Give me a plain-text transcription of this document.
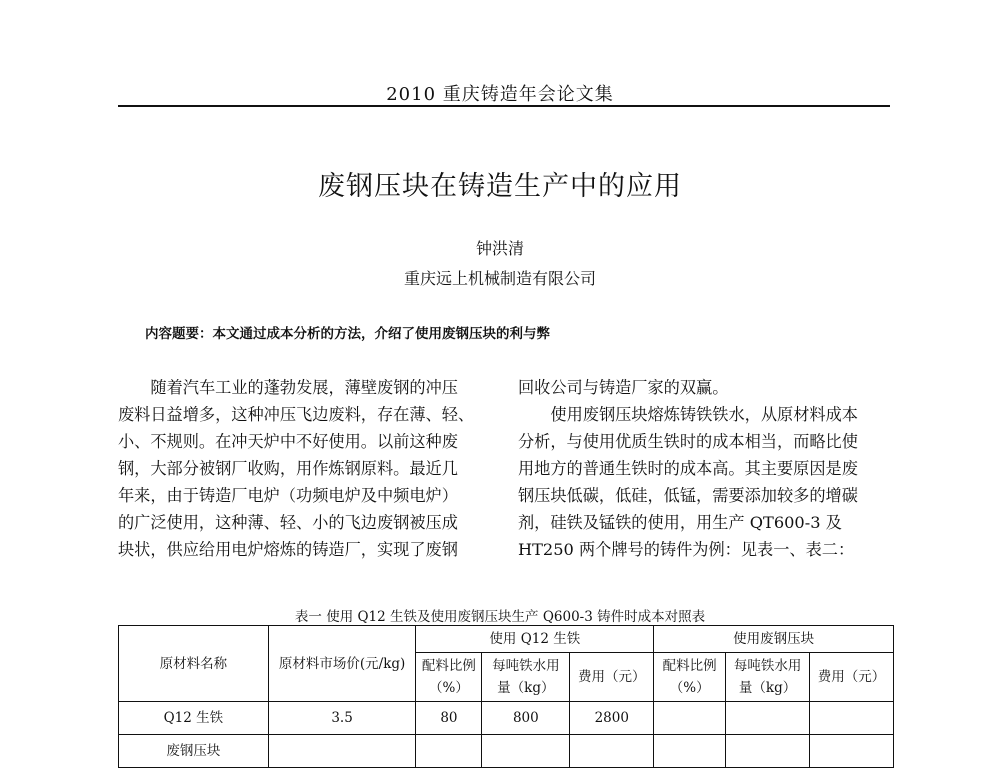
2010 重庆铸造年会论文集
废钢压块在铸造生产中的应用
钟洪清
重庆远上机械制造有限公司
内容题要：本文通过成本分析的方法，介绍了使用废钢压块的利与弊
随着汽车工业的蓬勃发展，薄壁废钢的冲压
废料日益增多，这种冲压飞边废料，存在薄、轻、
小、不规则。在冲天炉中不好使用。以前这种废
钢，大部分被钢厂收购，用作炼钢原料。最近几
年来，由于铸造厂电炉（功频电炉及中频电炉）
的广泛使用，这种薄、轻、小的飞边废钢被压成
块状，供应给用电炉熔炼的铸造厂，实现了废钢
回收公司与铸造厂家的双赢。
使用废钢压块熔炼铸铁铁水，从原材料成本
分析，与使用优质生铁时的成本相当，而略比使
用地方的普通生铁时的成本高。其主要原因是废
钢压块低碳，低硅，低锰，需要添加较多的增碳
剂，硅铁及锰铁的使用，用生产 QT600-3 及
HT250 两个牌号的铸件为例：见表一、表二：
表一 使用 Q12 生铁及使用废钢压块生产 Q600-3 铸件时成本对照表
原材料名称	原材料市场价(元/kg)	使用 Q12 生铁			使用废钢压块		
		配料比例（%）	每吨铁水用量（kg）	费用（元）	配料比例（%）	每吨铁水用量（kg）	费用（元）
Q12 生铁	3.5	80	800	2800			
废钢压块							
